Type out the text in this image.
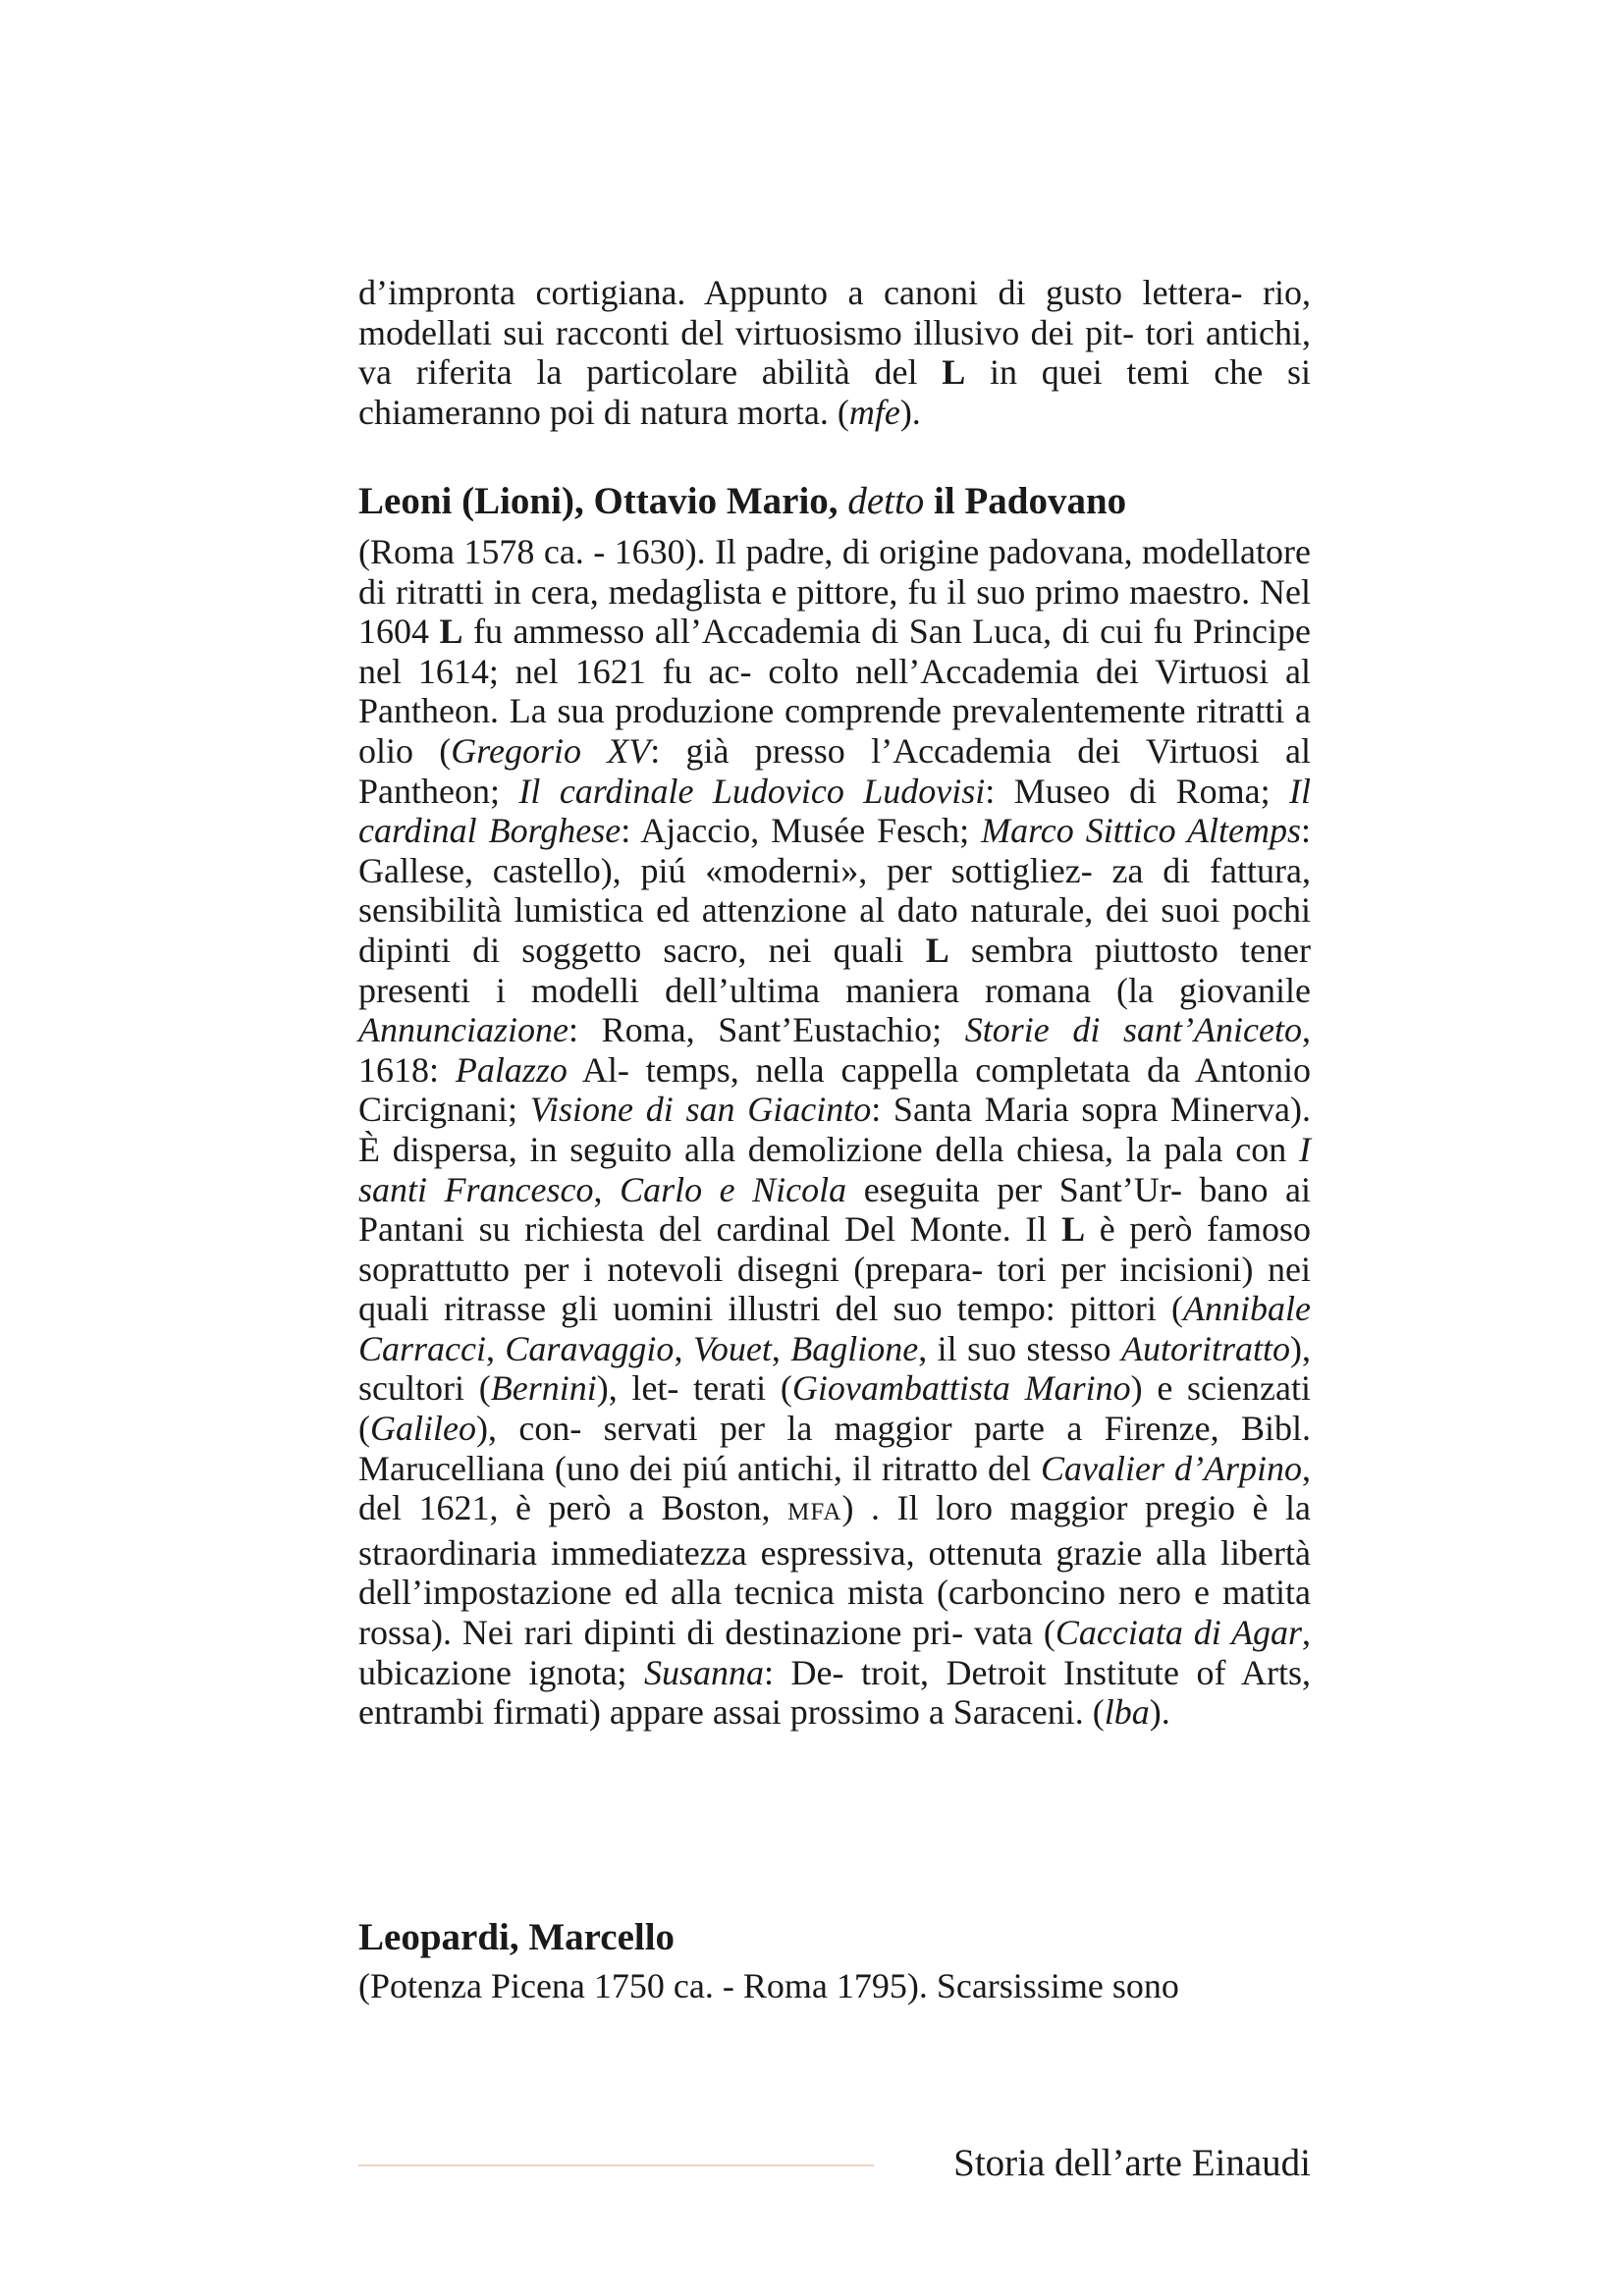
d’impronta cortigiana. Appunto a canoni di gusto lettera- rio, modellati sui racconti del virtuosismo illusivo dei pit- tori antichi, va riferita la particolare abilità del L in quei temi che si chiameranno poi di natura morta. (mfe).
Leoni (Lioni), Ottavio Mario, detto il Padovano
(Roma 1578 ca. - 1630). Il padre, di origine padovana, modellatore di ritratti in cera, medaglista e pittore, fu il suo primo maestro. Nel 1604 L fu ammesso all’Accademia di San Luca, di cui fu Principe nel 1614; nel 1621 fu ac- colto nell’Accademia dei Virtuosi al Pantheon. La sua produzione comprende prevalentemente ritratti a olio (Gregorio XV: già presso l’Accademia dei Virtuosi al Pantheon; Il cardinale Ludovico Ludovisi: Museo di Roma; Il cardinal Borghese: Ajaccio, Musée Fesch; Marco Sittico Altemps: Gallese, castello), piú «moderni», per sottigliez- za di fattura, sensibilità lumistica ed attenzione al dato naturale, dei suoi pochi dipinti di soggetto sacro, nei quali L sembra piuttosto tener presenti i modelli dell’ultima maniera romana (la giovanile Annunciazione: Roma, Sant’Eustachio; Storie di sant’Aniceto, 1618: Palazzo Al- temps, nella cappella completata da Antonio Circignani; Visione di san Giacinto: Santa Maria sopra Minerva). È dispersa, in seguito alla demolizione della chiesa, la pala con I santi Francesco, Carlo e Nicola eseguita per Sant’Ur- bano ai Pantani su richiesta del cardinal Del Monte. Il L è però famoso soprattutto per i notevoli disegni (prepara- tori per incisioni) nei quali ritrasse gli uomini illustri del suo tempo: pittori (Annibale Carracci, Caravaggio, Vouet, Baglione, il suo stesso Autoritratto), scultori (Bernini), let- terati (Giovambattista Marino) e scienzati (Galileo), con- servati per la maggior parte a Firenze, Bibl. Marucelliana (uno dei piú antichi, il ritratto del Cavalier d’Arpino, del 1621, è però a Boston, MFA) . Il loro maggior pregio è la straordinaria immediatezza espressiva, ottenuta grazie alla libertà dell’impostazione ed alla tecnica mista (carboncino nero e matita rossa). Nei rari dipinti di destinazione pri- vata (Cacciata di Agar, ubicazione ignota; Susanna: De- troit, Detroit Institute of Arts, entrambi firmati) appare assai prossimo a Saraceni. (lba).
Leopardi, Marcello
(Potenza Picena 1750 ca. - Roma 1795). Scarsissime sono
Storia dell’arte Einaudi
